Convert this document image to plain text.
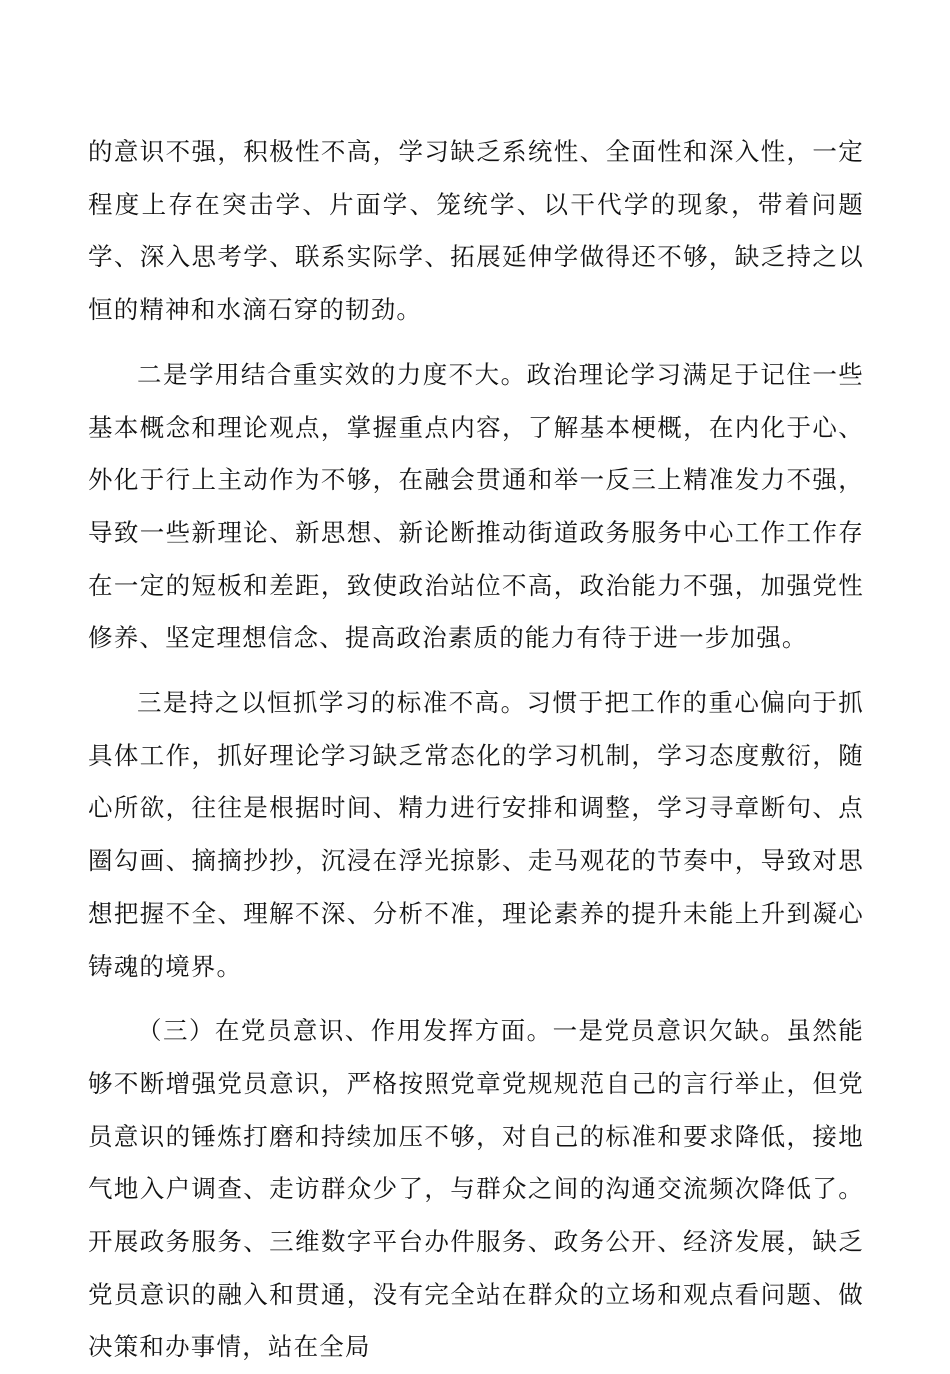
的意识不强，积极性不高，学习缺乏系统性、全面性和深入性，一定程度上存在突击学、片面学、笼统学、以干代学的现象，带着问题学、深入思考学、联系实际学、拓展延伸学做得还不够，缺乏持之以恒的精神和水滴石穿的韧劲。

二是学用结合重实效的力度不大。政治理论学习满足于记住一些基本概念和理论观点，掌握重点内容，了解基本梗概，在内化于心、外化于行上主动作为不够，在融会贯通和举一反三上精准发力不强，导致一些新理论、新思想、新论断推动街道政务服务中心工作工作存在一定的短板和差距，致使政治站位不高，政治能力不强，加强党性修养、坚定理想信念、提高政治素质的能力有待于进一步加强。

三是持之以恒抓学习的标准不高。习惯于把工作的重心偏向于抓具体工作，抓好理论学习缺乏常态化的学习机制，学习态度敷衍，随心所欲，往往是根据时间、精力进行安排和调整，学习寻章断句、点圈勾画、摘摘抄抄，沉浸在浮光掠影、走马观花的节奏中，导致对思想把握不全、理解不深、分析不准，理论素养的提升未能上升到凝心铸魂的境界。

（三）在党员意识、作用发挥方面。一是党员意识欠缺。虽然能够不断增强党员意识，严格按照党章党规规范自己的言行举止，但党员意识的锤炼打磨和持续加压不够，对自己的标准和要求降低，接地气地入户调查、走访群众少了，与群众之间的沟通交流频次降低了。开展政务服务、三维数字平台办件服务、政务公开、经济发展，缺乏党员意识的融入和贯通，没有完全站在群众的立场和观点看问题、做决策和办事情，站在全局
